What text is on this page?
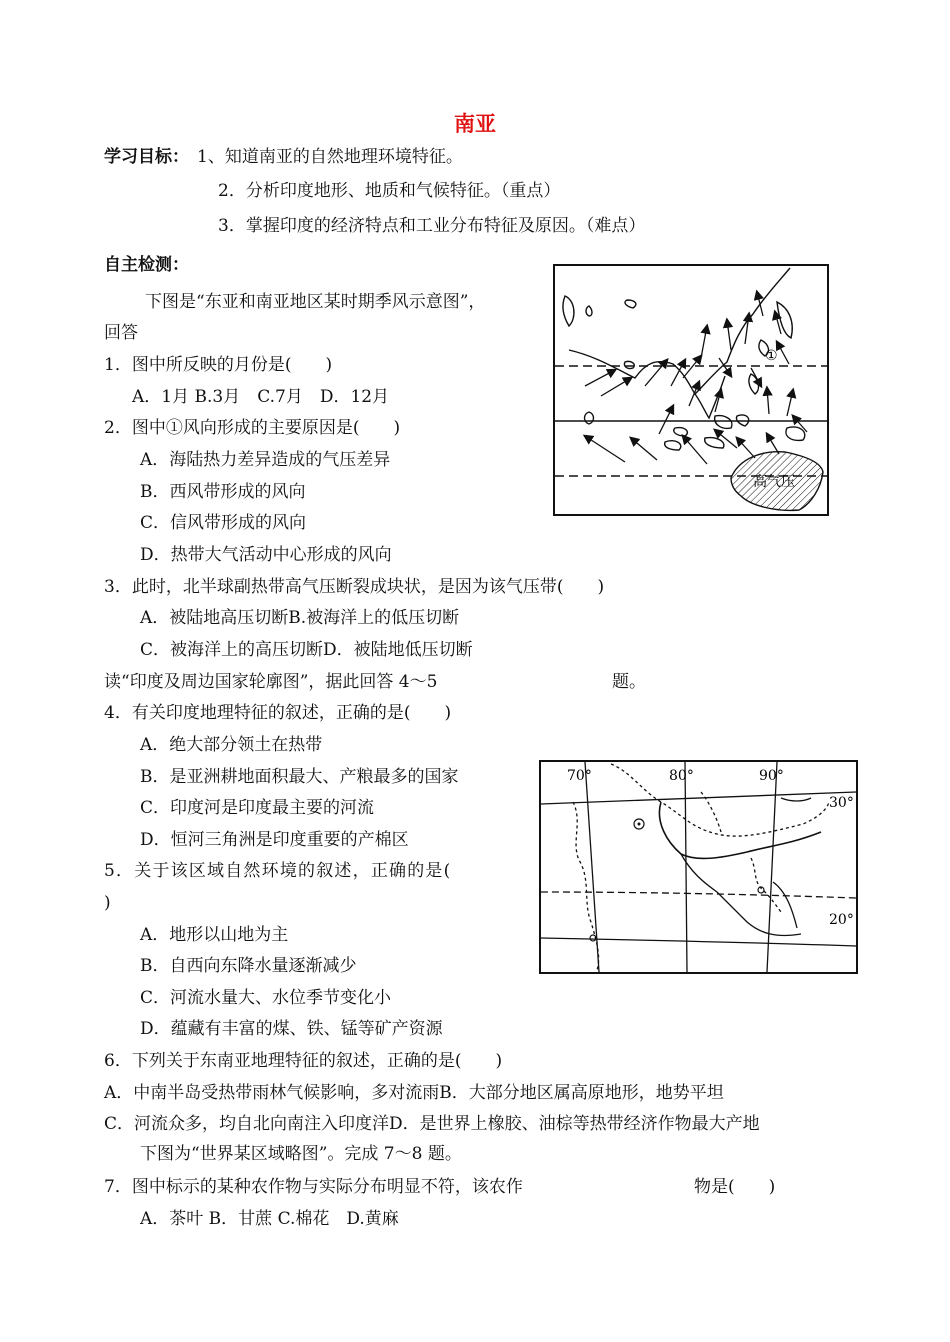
南亚
学习目标： 1、知道南亚的自然地理环境特征。
2．分析印度地形、地质和气候特征。（重点）
3．掌握印度的经济特点和工业分布特征及原因。（难点）
自主检测：
下图是“东亚和南亚地区某时期季风示意图”，
回答
1．图中所反映的月份是(　　)
A．1月 B.3月　C.7月　D．12月
2．图中①风向形成的主要原因是(　　)
A．海陆热力差异造成的气压差异
B．西风带形成的风向
C．信风带形成的风向
D．热带大气活动中心形成的风向
3．此时，北半球副热带高气压断裂成块状，是因为该气压带(　　)
A．被陆地高压切断B.被海洋上的低压切断
C．被海洋上的高压切断D．被陆地低压切断
读“印度及周边国家轮廓图”，据此回答 4～5	题。
4．有关印度地理特征的叙述，正确的是(　　)
A．绝大部分领土在热带
B．是亚洲耕地面积最大、产粮最多的国家
C．印度河是印度最主要的河流
D．恒河三角洲是印度重要的产棉区
5．关于该区域自然环境的叙述，正确的是(
)
A．地形以山地为主
B．自西向东降水量逐渐减少
C．河流水量大、水位季节变化小
D．蕴藏有丰富的煤、铁、锰等矿产资源
6．下列关于东南亚地理特征的叙述，正确的是(　　)
A．中南半岛受热带雨林气候影响，多对流雨B．大部分地区属高原地形，地势平坦
C．河流众多，均自北向南注入印度洋D．是世界上橡胶、油棕等热带经济作物最大产地
下图为“世界某区域略图”。完成 7～8 题。
7．图中标示的某种农作物与实际分布明显不符，该农作	物是(　　)
A．茶叶 B．甘蔗 C.棉花　D.黄麻
①
高气压
70°	80°	90°
30°
20°
